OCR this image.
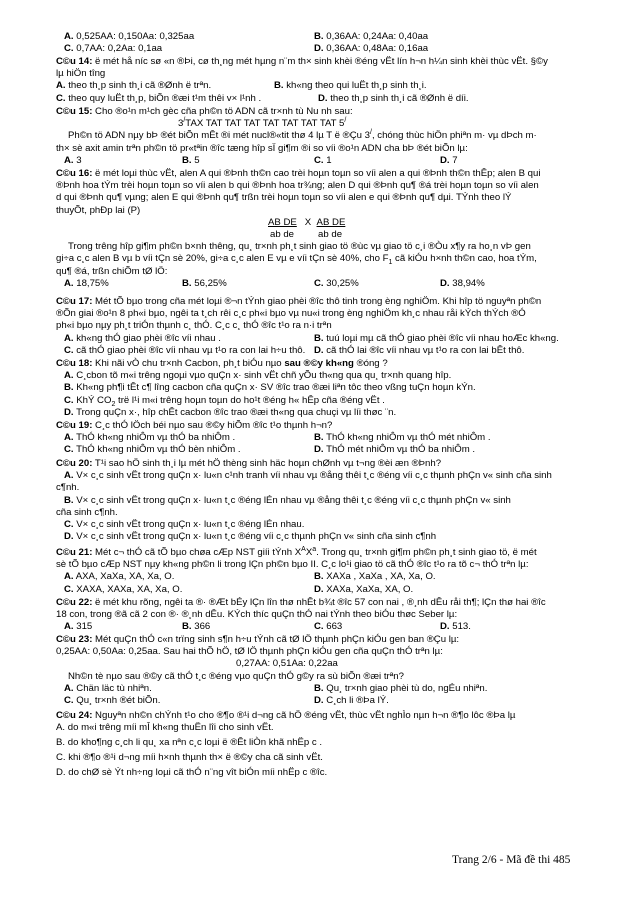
A. 0,525AA: 0,150Aa: 0,325aa	B. 0,36AA: 0,24Aa: 0,40aa
C. 0,7AA: 0,2Aa: 0,1aa	D. 0,36AA: 0,48Aa: 0,16aa
C©u 14: ë mét hå níc sø «n ®Þi, cø th¸ng mét hµng n¨m th× sinh khèi ®éng vËt lín h¬n h¼n sinh khèi thùc vËt. §©y
lµ hiÖn tîng
A. theo th¸p sinh th¸i cã ®Ønh ë trªn.	B. kh«ng theo qui luËt th¸p sinh th¸i.
C. theo quy luËt th¸p, biÕn ®æi t¹m thêi v× l¹nh .	D. theo th¸p sinh th¸i cã ®Ønh ë díi.
C©u 15: Cho ®o¹n m¹ch gèc cña ph©n tö ADN cã tr×nh tù Nu nh sau:
3/TAX TAT TAT TAT TAT TAT TAT TAT 5/
Ph©n tö ADN nµy bÞ ®ét biÕn mÊt ®i mét nucl®«tit thø 4 lµ T ë ®Çu 3/, chóng thùc hiÖn phiªn m· vµ dÞch m·
th× sè axit amin trªn ph©n tö pr«tªin ®îc tæng hîp sÏ gi¶m ®i so víi ®o¹n ADN cha bÞ ®ét biÕn lµ:
A. 3	B. 5	C. 1	D. 7
C©u 16: ë mét loµi thùc vËt, alen A qui ®Þnh th©n cao trèi hoµn toµn so víi alen a qui ®Þnh th©n thÊp; alen B qui
®Þnh hoa tÝm trèi hoµn toµn so víi alen b qui ®Þnh hoa tr¾ng; alen D qui ®Þnh qu¶ ®á trèi hoµn toµn so víi alen
d qui ®Þnh qu¶ vµng; alen E qui ®Þnh qu¶ trßn trèi hoµn toµn so víi alen e qui ®Þnh qu¶ dµi. TÝnh theo lÝ
thuyÕt, phÐp lai (P)
AB DE X AB DE
ab de	ab de
Trong trêng hîp gi¶m ph©n b×nh thêng, qu¸ tr×nh ph¸t sinh giao tö ®ùc vµ giao tö c¸i ®Òu x¶y ra ho¸n vÞ gen
gi÷a c¸c alen B vµ b víi tÇn sè 20%, gi÷a c¸c alen E vµ e víi tÇn sè 40%, cho $F_1$ cã kiÓu h×nh th©n cao, hoa tÝm,
qu¶ ®á, trßn chiÕm tØ lÖ:
A. 18,75%	B. 56,25%	C. 30,25%	D. 38,94%
C©u 17: Mét tÕ bµo trong cña mét loµi ®¬n tÝnh giao phèi ®îc thô tinh trong èng nghiÖm. Khi hîp tö nguyªn ph©n
®Õn giai ®o¹n 8 ph«i bµo, ngêi ta t¸ch rêi c¸c ph«i bµo vµ nu«i trong èng nghiÖm kh¸c nhau råi kÝch thÝch ®Ó
ph«i bµo nµy ph¸t triÓn thµnh c¸ thÓ. C¸c c¸ thÓ ®îc t¹o ra n·i trªn
A. kh«ng thÓ giao phèi ®îc víi nhau .	B. tuú loµi mµ cã thÓ giao phèi ®îc víi nhau hoÆc kh«ng.
C. cã thÓ giao phèi ®îc víi nhau vµ t¹o ra con lai h÷u thô. D. cã thÓ lai ®îc víi nhau vµ t¹o ra con lai bÊt thô.
C©u 18: Khi nãi vÒ chu tr×nh Cacbon, ph¸t biÓu nµo sau ®©y kh«ng ®óng ?
A. C¸cbon tõ m«i trêng ngoµi vµo quÇn x· sinh vËt chñ yÕu th«ng qua qu¸ tr×nh quang hîp.
B. Kh«ng ph¶i tÊt c¶ lîng cacbon cña quÇn x· SV ®îc trao ®æi liªn tôc theo vßng tuÇn hoµn kÝn.
C. KhÝ $CO_2$ trë l¹i m«i trêng hoµn toµn do ho¹t ®éng h« hÊp cña ®éng vËt .
D. Trong quÇn x·, hîp chÊt cacbon ®îc trao ®æi th«ng qua chuçi vµ líi thøc ¨n.
C©u 19: C¸c thÓ lÖch béi nµo sau ®©y hiÕm ®îc t¹o thµnh h¬n?
A. ThÓ kh«ng nhiÔm vµ thÓ ba nhiÔm .	B. ThÓ kh«ng nhiÔm vµ thÓ mét nhiÔm .
C. ThÓ kh«ng nhiÔm vµ thÓ bèn nhiÔm .	D. ThÓ mét nhiÔm vµ thÓ ba nhiÔm .
C©u 20: T¹i sao hÖ sinh th¸i lµ mét hÖ thèng sinh häc hoµn chØnh vµ t¬ng ®èi æn ®Þnh?
A. V× c¸c sinh vËt trong quÇn x· lu«n c¹nh tranh víi nhau vµ ®ång thêi t¸c ®éng víi c¸c thµnh phÇn v« sinh cña sinh
c¶nh.
B. V× c¸c sinh vËt trong quÇn x· lu«n t¸c ®éng lÉn nhau vµ ®ång thêi t¸c ®éng víi c¸c thµnh phÇn v« sinh
cña sinh c¶nh.
C. V× c¸c sinh vËt trong quÇn x· lu«n t¸c ®éng lÉn nhau.
D. V× c¸c sinh vËt trong quÇn x· lu«n t¸c ®éng víi c¸c thµnh phÇn v« sinh cña sinh c¶nh
C©u 21: Mét c¬ thÓ cã tÕ bµo chøa cÆp NST giíi tÝnh $X^AX^a$. Trong qu¸ tr×nh gi¶m ph©n ph¸t sinh giao tö, ë mét
sè tÕ bµo cÆp NST nµy kh«ng ph©n li trong lÇn ph©n bµo II. C¸c lo¹i giao tö cã thÓ ®îc t¹o ra tõ c¬ thÓ trªn lµ:
A. AXA, XaXa, XA, Xa, O.	B. XAXa , XaXa , XA, Xa, O.
C. XAXA, XAXa, XA, Xa, O.	D. XAXa, XaXa, XA, O.
C©u 22: ë mét khu rõng, ngêi ta ®· ®Æt bÉy lÇn lîn thø nhÊt b¾t ®îc 57 con nai , ®¸nh dÊu råi th¶; lÇn thø hai ®îc
18 con, trong ®ã cã 2 con ®· ®¸nh dÊu. KÝch thíc quÇn thÓ nai tÝnh theo biÓu thøc Seber lµ:
A. 315	B. 366	C. 663	D. 513.
C©u 23: Mét quÇn thÓ c«n trïng sinh s¶n h÷u tÝnh cã tØ lÖ thµnh phÇn kiÓu gen ban ®Çu lµ:
0,25AA: 0,50Aa: 0,25aa. Sau hai thÕ hÖ, tØ lÖ thµnh phÇn kiÓu gen cña quÇn thÓ trªn lµ:
0,27AA: 0,51Aa: 0,22aa
Nh©n tè nµo sau ®©y cã thÓ t¸c ®éng vµo quÇn thÓ g©y ra sù biÕn ®æi trªn?
A. Chän läc tù nhiªn.	B. Qu¸ tr×nh giao phèi tù do, ngÉu nhiªn.
C. Qu¸ tr×nh ®ét biÕn.	D. C¸ch li ®Þa lÝ.
C©u 24: Nguyªn nh©n chÝnh t¹o cho ®¶o ®¹i d¬ng cã hÖ ®éng vËt, thùc vËt nghÌo nµn h¬n ®¶o lôc ®Þa lµ
A. do m«i trêng míi mÎ kh«ng thuËn lîi cho sinh vËt.
B. do kho¶ng c¸ch li qu¸ xa nªn c¸c loµi ë ®Êt liÒn khã nhËp c .
C. khi ®¶o ®¹i d¬ng míi h×nh thµnh th× ë ®©y cha cã sinh vËt.
D. do chØ sè Ýt nh÷ng loµi cã thÓ n¨ng vît biÓn míi nhËp c ®îc.
Trang 2/6 - Mã đề thi 485
